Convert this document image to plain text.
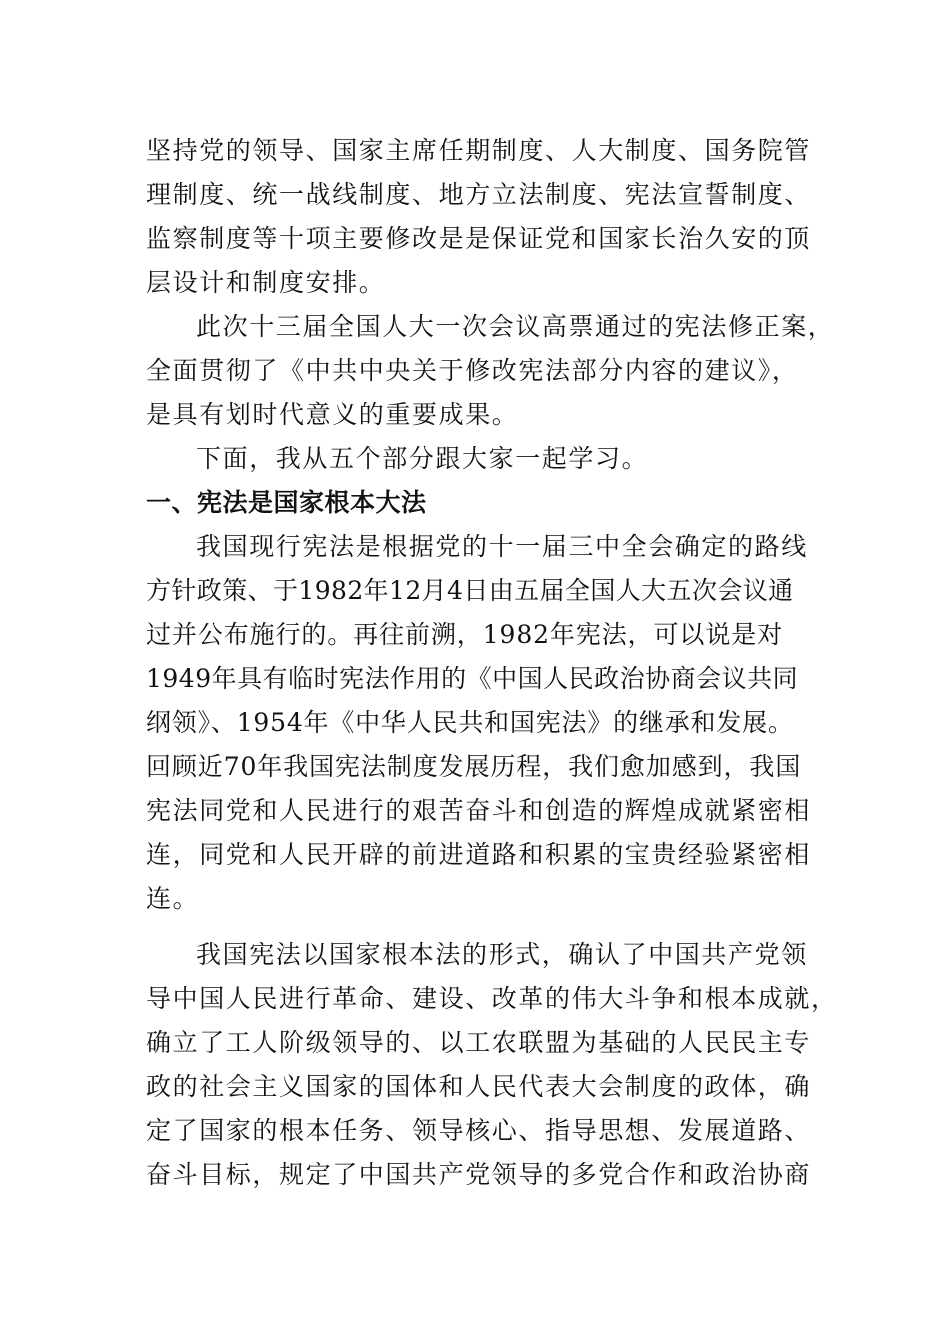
坚持党的领导、国家主席任期制度、人大制度、国务院管
理制度、统一战线制度、地方立法制度、宪法宣誓制度、
监察制度等十项主要修改是是保证党和国家长治久安的顶
层设计和制度安排。
此次十三届全国人大一次会议高票通过的宪法修正案，
全面贯彻了《中共中央关于修改宪法部分内容的建议》，
是具有划时代意义的重要成果。
下面，我从五个部分跟大家一起学习。
一、宪法是国家根本大法
我国现行宪法是根据党的十一届三中全会确定的路线
方针政策、于1982年12月4日由五届全国人大五次会议通
过并公布施行的。再往前溯，1982年宪法，可以说是对
1949年具有临时宪法作用的《中国人民政治协商会议共同
纲领》、1954年《中华人民共和国宪法》的继承和发展。
回顾近70年我国宪法制度发展历程，我们愈加感到，我国
宪法同党和人民进行的艰苦奋斗和创造的辉煌成就紧密相
连，同党和人民开辟的前进道路和积累的宝贵经验紧密相
连。
我国宪法以国家根本法的形式，确认了中国共产党领
导中国人民进行革命、建设、改革的伟大斗争和根本成就，
确立了工人阶级领导的、以工农联盟为基础的人民民主专
政的社会主义国家的国体和人民代表大会制度的政体，确
定了国家的根本任务、领导核心、指导思想、发展道路、
奋斗目标，规定了中国共产党领导的多党合作和政治协商
